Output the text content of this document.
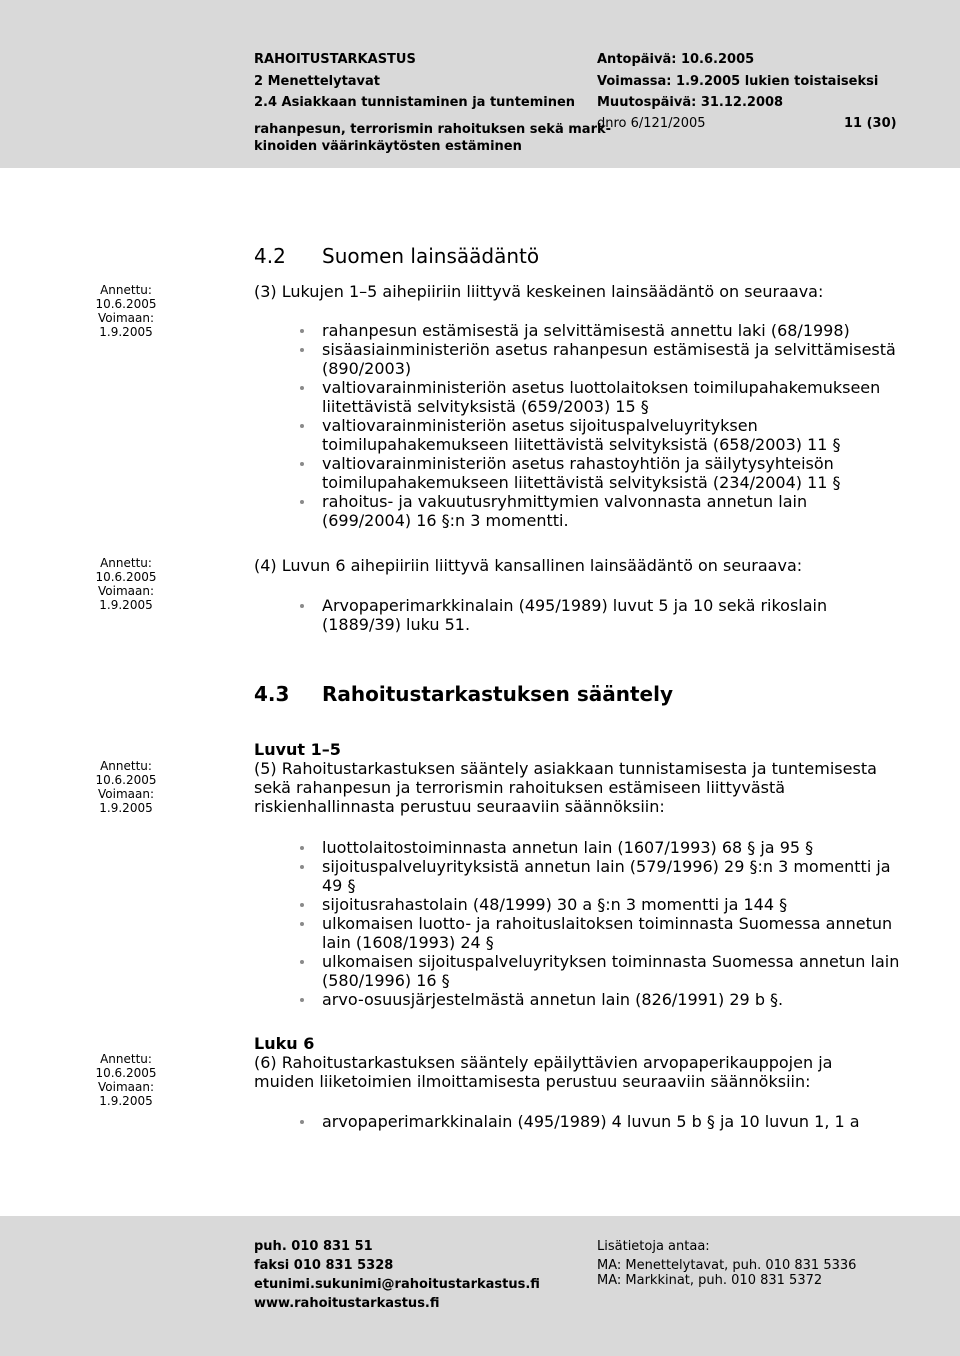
RAHOITUSTARKASTUS
2 Menettelytavat
2.4 Asiakkaan tunnistaminen ja tunteminen
rahanpesun, terrorismin rahoituksen sekä mark-
kinoiden väärinkäytösten estäminen
Antopäivä: 10.6.2005
Voimassa: 1.9.2005 lukien toistaiseksi
Muutospäivä: 31.12.2008
dnro 6/121/2005	11 (30)
4.2 Suomen lainsäädäntö
Annettu: 10.6.2005
Voimaan: 1.9.2005
(3) Lukujen 1–5 aihepiiriin liittyvä keskeinen lainsäädäntö on seuraava:
rahanpesun estämisestä ja selvittämisestä annettu laki (68/1998)
sisäasiainministeriön asetus rahanpesun estämisestä ja selvittämisestä (890/2003)
valtiovarainministeriön asetus luottolaitoksen toimilupahakemukseen liitettävistä selvityksistä (659/2003) 15 §
valtiovarainministeriön asetus sijoituspalveluyrityksen toimilupahakemukseen liitettävistä selvityksistä (658/2003) 11 §
valtiovarainministeriön asetus rahastoyhtiön ja säilytysyhteisön toimilupahakemukseen liitettävistä selvityksistä (234/2004) 11 §
rahoitus- ja vakuutusryhmittymien valvonnasta annetun lain (699/2004) 16 §:n 3 momentti.
Annettu: 10.6.2005
Voimaan: 1.9.2005
(4) Luvun 6 aihepiiriin liittyvä kansallinen lainsäädäntö on seuraava:
Arvopaperimarkkinalain (495/1989) luvut 5 ja 10 sekä rikoslain (1889/39) luku 51.
4.3 Rahoitustarkastuksen sääntely
Annettu: 10.6.2005
Voimaan: 1.9.2005
Luvut 1–5
(5) Rahoitustarkastuksen sääntely asiakkaan tunnistamisesta ja tuntemisesta sekä rahanpesun ja terrorismin rahoituksen estämiseen liittyvästä riskienhallinnasta perustuu seuraaviin säännöksiin:
luottolaitostoiminnasta annetun lain (1607/1993) 68 § ja 95 §
sijoituspalveluyrityksistä annetun lain (579/1996) 29 §:n 3 momentti ja 49 §
sijoitusrahastolain (48/1999) 30 a §:n 3 momentti ja 144 §
ulkomaisen luotto- ja rahoituslaitoksen toiminnasta Suomessa annetun lain (1608/1993) 24 §
ulkomaisen sijoituspalveluyrityksen toiminnasta Suomessa annetun lain (580/1996) 16 §
arvo-osuusjärjestelmästä annetun lain (826/1991) 29 b §.
Annettu: 10.6.2005
Voimaan: 1.9.2005
Luku 6
(6) Rahoitustarkastuksen sääntely epäilyttävien arvopaperikauppojen ja muiden liiketoimien ilmoittamisesta perustuu seuraaviin säännöksiin:
arvopaperimarkkinalain (495/1989) 4 luvun 5 b § ja 10 luvun 1, 1 a
puh. 010 831 51
faksi 010 831 5328
etunimi.sukunimi@rahoitustarkastus.fi
www.rahoitustarkastus.fi
Lisätietoja antaa:
MA: Menettelytavat, puh. 010 831 5336
MA: Markkinat, puh. 010 831 5372
